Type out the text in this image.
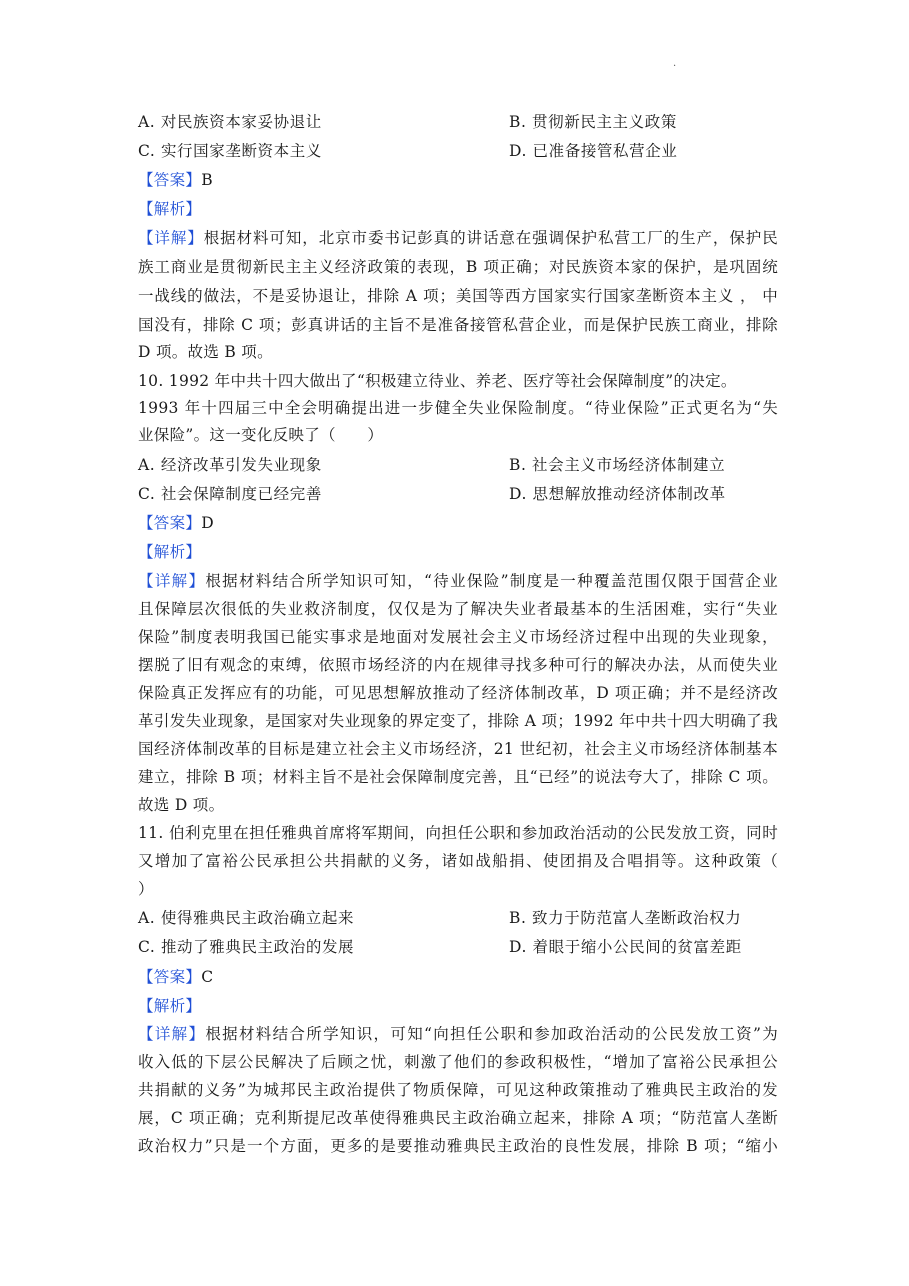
.
A. 对民族资本家妥协退让	B. 贯彻新民主主义政策
C. 实行国家垄断资本主义	D. 已准备接管私营企业
【答案】B
【解析】
【详解】根据材料可知，北京市委书记彭真的讲话意在强调保护私营工厂的生产，保护民
族工商业是贯彻新民主主义经济政策的表现，B 项正确；对民族资本家的保护，是巩固统
一战线的做法，不是妥协退让，排除 A 项；美国等西方国家实行国家垄断资本主义 ， 中
国没有，排除 C 项；彭真讲话的主旨不是准备接管私营企业，而是保护民族工商业，排除
D 项。故选 B 项。
10. 1992 年中共十四大做出了“积极建立待业、养老、医疗等社会保障制度”的决定。
1993 年十四届三中全会明确提出进一步健全失业保险制度。“待业保险”正式更名为“失
业保险”。这一变化反映了（　　）
A. 经济改革引发失业现象	B. 社会主义市场经济体制建立
C. 社会保障制度已经完善	D. 思想解放推动经济体制改革
【答案】D
【解析】
【详解】根据材料结合所学知识可知，“待业保险”制度是一种覆盖范围仅限于国营企业
且保障层次很低的失业救济制度，仅仅是为了解决失业者最基本的生活困难，实行“失业
保险”制度表明我国已能实事求是地面对发展社会主义市场经济过程中出现的失业现象，
摆脱了旧有观念的束缚，依照市场经济的内在规律寻找多种可行的解决办法，从而使失业
保险真正发挥应有的功能，可见思想解放推动了经济体制改革，D 项正确；并不是经济改
革引发失业现象，是国家对失业现象的界定变了，排除 A 项；1992 年中共十四大明确了我
国经济体制改革的目标是建立社会主义市场经济，21 世纪初，社会主义市场经济体制基本
建立，排除 B 项；材料主旨不是社会保障制度完善，且“已经”的说法夸大了，排除 C 项。
故选 D 项。
11. 伯利克里在担任雅典首席将军期间，向担任公职和参加政治活动的公民发放工资，同时
又增加了富裕公民承担公共捐献的义务，诸如战船捐、使团捐及合唱捐等。这种政策（
）
A. 使得雅典民主政治确立起来	B. 致力于防范富人垄断政治权力
C. 推动了雅典民主政治的发展	D. 着眼于缩小公民间的贫富差距
【答案】C
【解析】
【详解】根据材料结合所学知识，可知“向担任公职和参加政治活动的公民发放工资”为
收入低的下层公民解决了后顾之忧，刺激了他们的参政积极性，“增加了富裕公民承担公
共捐献的义务”为城邦民主政治提供了物质保障，可见这种政策推动了雅典民主政治的发
展，C 项正确；克利斯提尼改革使得雅典民主政治确立起来，排除 A 项；“防范富人垄断
政治权力”只是一个方面，更多的是要推动雅典民主政治的良性发展，排除 B 项；“缩小
